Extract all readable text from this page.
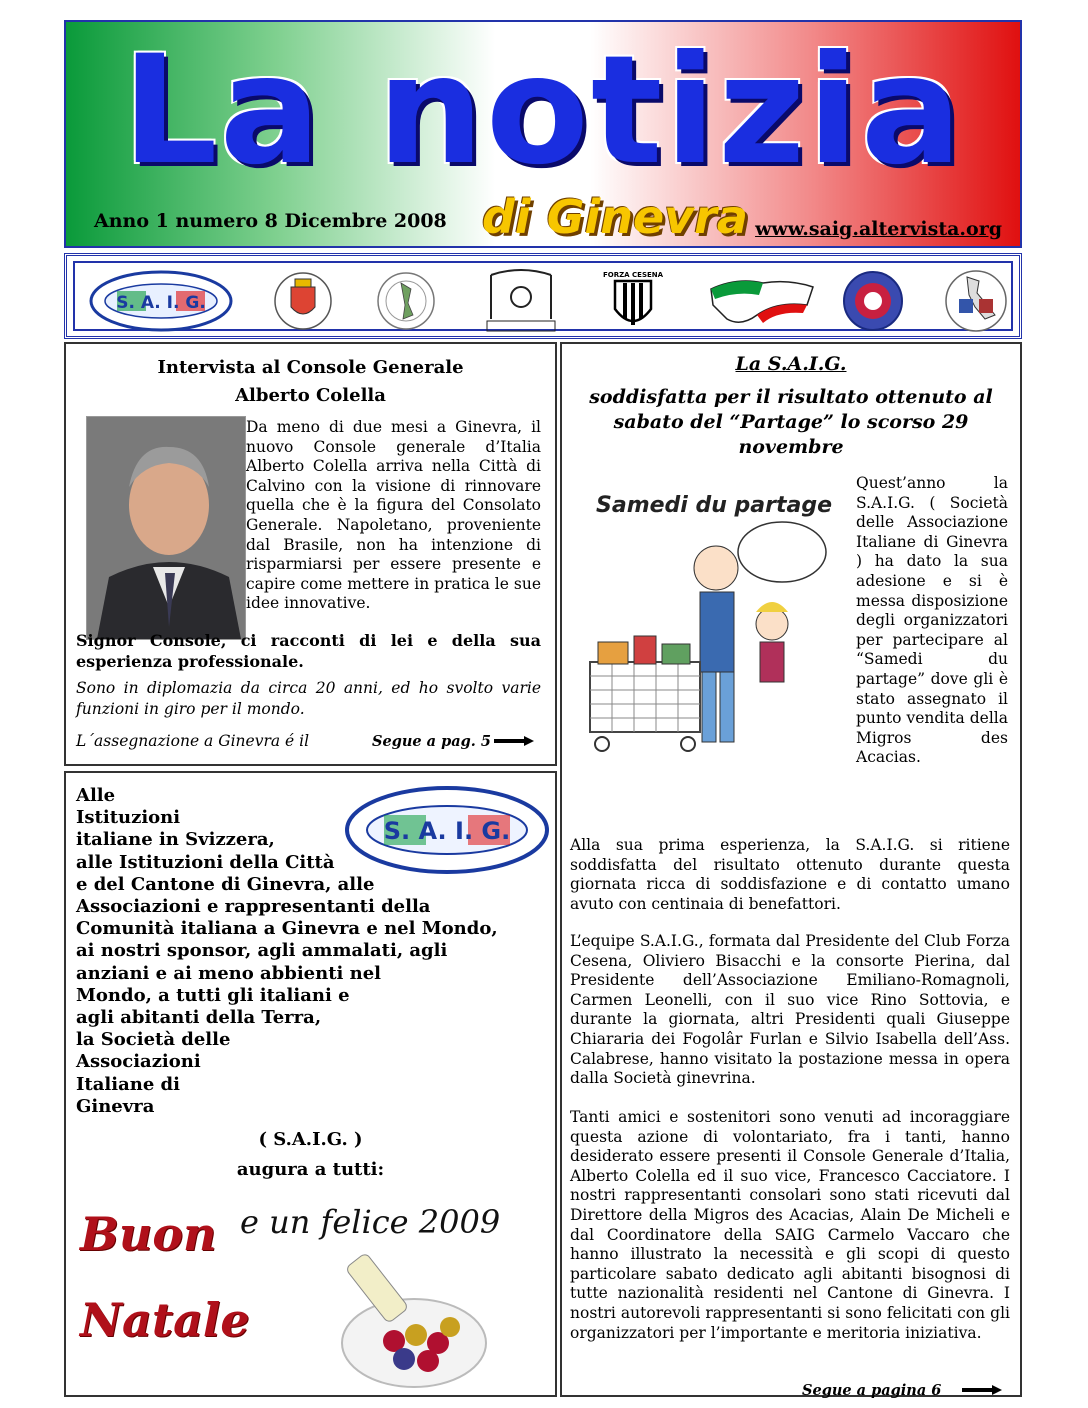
La notizia
Anno 1 numero 8 Dicembre 2008 di Ginevra www.saig.altervista.org
S. A. I. G.
FORZA CESENA
Intervista al Console Generale
Alberto Colella
Da meno di due mesi a Ginevra, il nuovo Console generale d’Italia Alberto Colella arriva nella Città di Calvino con la visione di rinnovare quella che è la figura del Consolato Generale. Napoletano, proveniente dal Brasile, non ha intenzione di risparmiarsi per essere presente e capire come mettere in pratica le sue idee innovative.
Signor Console, ci racconti di lei e della sua esperienza professionale.
Sono in diplomazia da circa 20 anni, ed ho svolto varie funzioni in giro per il mondo.
L´assegnazione a Ginevra é il	Segue a pag. 5
Alle
Istituzioni
italiane in Svizzera,
alle Istituzioni della Città
e del Cantone di Ginevra, alle
Associazioni e rappresentanti della
Comunità italiana a Ginevra e nel Mondo,
ai nostri sponsor, agli ammalati, agli
anziani e ai meno abbienti nel
Mondo, a tutti gli italiani e
agli abitanti della Terra,
la Società delle
Associazioni
Italiane di
Ginevra
S. A. I. G.
( S.A.I.G. )
augura a tutti:
Buon
Natale
e un felice 2009
La S.A.I.G.
soddisfatta per il risultato ottenuto al sabato del “Partage” lo scorso 29 novembre
Samedi du partage
Quest’anno la S.A.I.G. ( Società delle Associazione Italiane di Ginevra ) ha dato la sua adesione e si è messa disposizione degli organizzatori per partecipare al “Samedi du partage” dove gli è stato assegnato il punto vendita della Migros des Acacias.
Alla sua prima esperienza, la S.A.I.G. si ritiene soddisfatta del risultato ottenuto durante questa giornata ricca di soddisfazione e di contatto umano avuto con centinaia di benefattori.
L’equipe S.A.I.G., formata dal Presidente del Club Forza Cesena, Oliviero Bisacchi e la consorte Pierina, dal Presidente dell’Associazione Emiliano-Romagnoli, Carmen Leonelli, con il suo vice Rino Sottovia, e durante la giornata, altri Presidenti quali Giuseppe Chiararia dei Fogolâr Furlan e Silvio Isabella dell’Ass. Calabrese, hanno visitato la postazione messa in opera dalla Società ginevrina.
Tanti amici e sostenitori sono venuti ad incoraggiare questa azione di volontariato, fra i tanti, hanno desiderato essere presenti il Console Generale d’Italia, Alberto Colella ed il suo vice, Francesco Cacciatore. I nostri rappresentanti consolari sono stati ricevuti dal Direttore della Migros des Acacias, Alain De Micheli e dal Coordinatore della SAIG Carmelo Vaccaro che hanno illustrato la necessità e gli scopi di questo particolare sabato dedicato agli abitanti bisognosi di tutte nazionalità residenti nel Cantone di Ginevra. I nostri autorevoli rappresentanti si sono felicitati con gli organizzatori per l’importante e meritoria iniziativa.
Segue a pagina 6
